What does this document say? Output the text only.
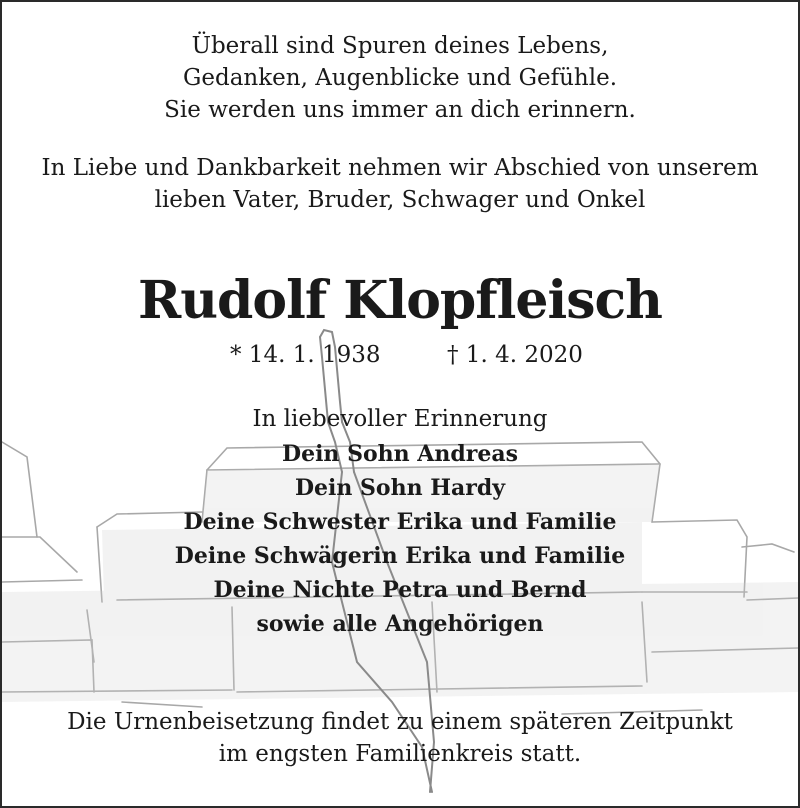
Überall sind Spuren deines Lebens,
Gedanken, Augenblicke und Gefühle.
Sie werden uns immer an dich erinnern.
In Liebe und Dankbarkeit nehmen wir Abschied von unserem
lieben Vater, Bruder, Schwager und Onkel
Rudolf Klopfleisch
* 14. 1. 1938	† 1. 4. 2020
In liebevoller Erinnerung
Dein Sohn Andreas
Dein Sohn Hardy
Deine Schwester Erika und Familie
Deine Schwägerin Erika und Familie
Deine Nichte Petra und Bernd
sowie alle Angehörigen
Die Urnenbeisetzung findet zu einem späteren Zeitpunkt
im engsten Familienkreis statt.
